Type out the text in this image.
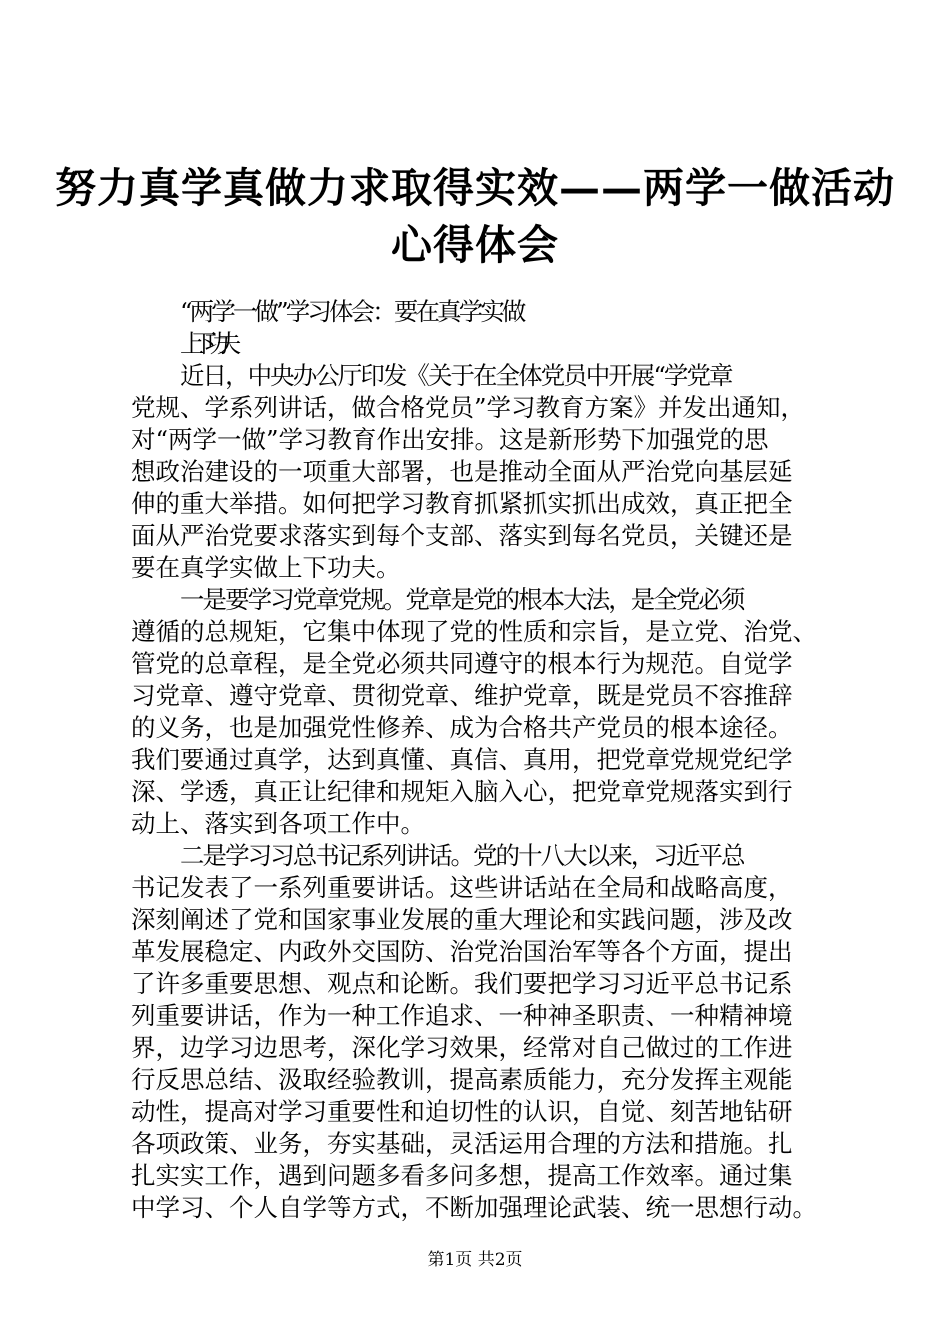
努力真学真做力求取得实效——两学一做活动
心得体会
“两学一做”学习体会：要在真学实做
上下功夫
近日，中央办公厅印发《关于在全体党员中开展“学党章
党规、学系列讲话，做合格党员”学习教育方案》并发出通知，
对“两学一做”学习教育作出安排。这是新形势下加强党的思
想政治建设的一项重大部署，也是推动全面从严治党向基层延
伸的重大举措。如何把学习教育抓紧抓实抓出成效，真正把全
面从严治党要求落实到每个支部、落实到每名党员，关键还是
要在真学实做上下功夫。
一是要学习党章党规。党章是党的根本大法，是全党必须
遵循的总规矩，它集中体现了党的性质和宗旨，是立党、治党、
管党的总章程，是全党必须共同遵守的根本行为规范。自觉学
习党章、遵守党章、贯彻党章、维护党章，既是党员不容推辞
的义务，也是加强党性修养、成为合格共产党员的根本途径。
我们要通过真学，达到真懂、真信、真用，把党章党规党纪学
深、学透，真正让纪律和规矩入脑入心，把党章党规落实到行
动上、落实到各项工作中。
二是学习习总书记系列讲话。党的十八大以来，习近平总
书记发表了一系列重要讲话。这些讲话站在全局和战略高度，
深刻阐述了党和国家事业发展的重大理论和实践问题，涉及改
革发展稳定、内政外交国防、治党治国治军等各个方面，提出
了许多重要思想、观点和论断。我们要把学习习近平总书记系
列重要讲话，作为一种工作追求、一种神圣职责、一种精神境
界，边学习边思考，深化学习效果，经常对自己做过的工作进
行反思总结、汲取经验教训，提高素质能力，充分发挥主观能
动性，提高对学习重要性和迫切性的认识，自觉、刻苦地钻研
各项政策、业务，夯实基础，灵活运用合理的方法和措施。扎
扎实实工作，遇到问题多看多问多想，提高工作效率。通过集
中学习、个人自学等方式，不断加强理论武装、统一思想行动。
第1页 共2页
